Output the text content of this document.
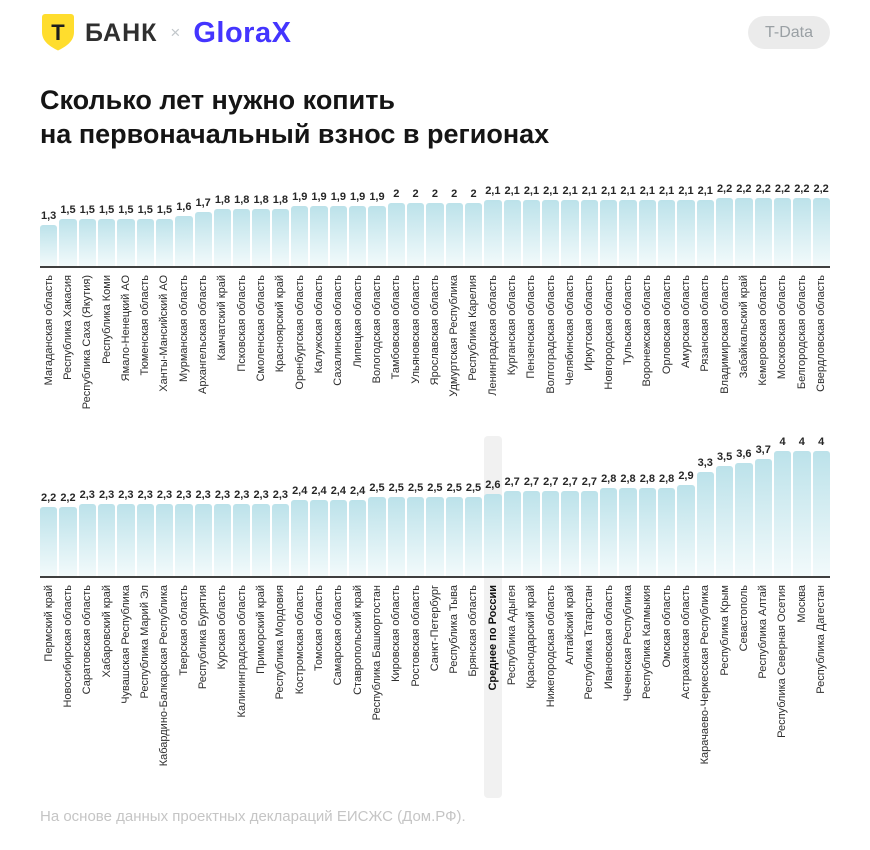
Т БАНК × GloraX	T-Data
Сколько лет нужно копить
на первоначальный взнос в регионах
1,3
1,5 1,5 1,5 1,5 1,5 1,5 1,6 1,7 1,8 1,8 1,8 1,8 1,9 1,9 1,9 1,9 1,9 2	2	2	2	2 2,1 2,1 2,1 2,1 2,1 2,1 2,1 2,1 2,1 2,1 2,1 2,1 2,2 2,2 2,2 2,2 2,2 2,2
Магаданская область Республика Хакасия Республика Саха (Якутия) Республика Коми Ямало-Ненецкий АО Тюменская область Ханты-Мансийский АО Мурманская область Архангельская область Камчатский край Псковская область Смоленская область Красноярский край Оренбургская область Калужская область Сахалинская область Липецкая область Вологодская область Тамбовская область Ульяновская область Ярославская область Удмуртская Республика Республика Карелия Ленинградская область Курганская область Пензенская область Волгоградская область Челябинская область Иркутская область Новгородская область Тульская область Воронежская область Орловская область Амурская область Рязанская область Владимирская область Забайкальский край Кемеровская область Московская область Белгородская область Свердловская область
2,2 2,2 2,3 2,3 2,3 2,3 2,3 2,3 2,3 2,3 2,3 2,3 2,3 2,4 2,4 2,4 2,4 2,5 2,5 2,5 2,5 2,5 2,5 2,6 2,7 2,7 2,7 2,7 2,7 2,8 2,8 2,8 2,8 2,9
3,3
3,5 3,6 3,7
4	4	4
Пермский край Новосибирская область Саратовская область Хабаровский край Чувашская Республика Республика Марий Эл Кабардино-Балкарская Республика Тверская область Республика Бурятия Курская область Калининградская область Приморский край Республика Мордовия Костромская область Томская область Самарская область Ставропольский край Республика Башкортостан Кировская область Ростовская область Санкт-Петербург Республика Тыва Брянская область Среднее по России Республика Адыгея Краснодарский край Нижегородская область Алтайский край Республика Татарстан Ивановская область Чеченская Республика Республика Калмыкия Омская область Астраханская область Карачаево-Черкесская Республика Республика Крым Севастополь Республика Алтай Республика Северная Осетия Москва Республика Дагестан
На основе данных проектных деклараций ЕИСЖС (Дом.РФ).
